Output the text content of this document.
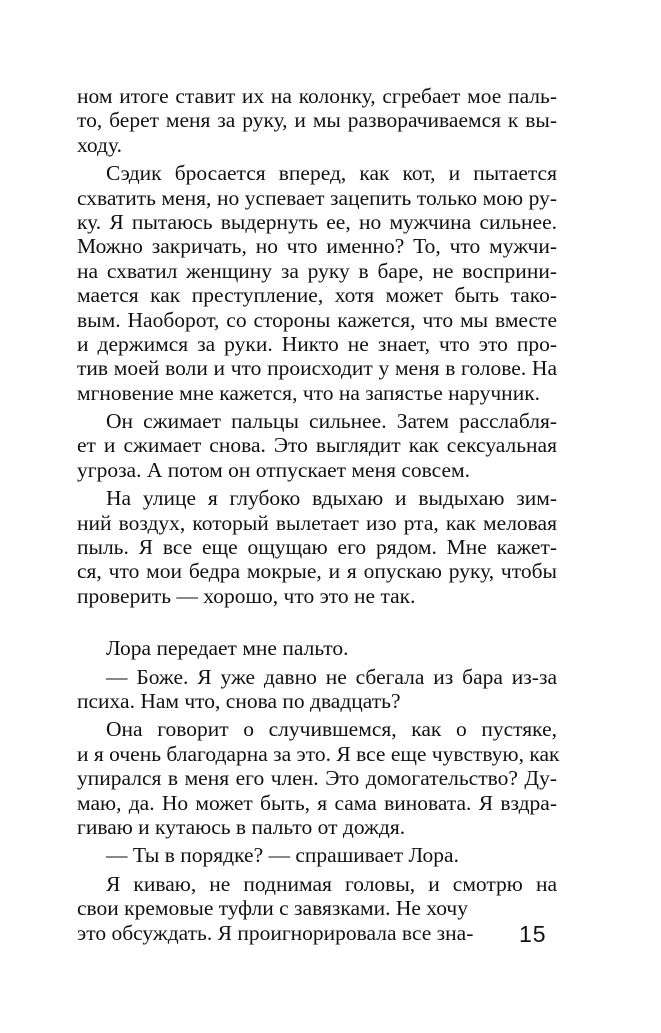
ном итоге ставит их на колонку, сгребает мое паль-
то, берет меня за руку, и мы разворачиваемся к вы-
ходу.
Сэдик бросается вперед, как кот, и пытается
схватить меня, но успевает зацепить только мою ру-
ку. Я пытаюсь выдернуть ее, но мужчина сильнее.
Можно закричать, но что именно? То, что мужчи-
на схватил женщину за руку в баре, не восприни-
мается как преступление, хотя может быть тако-
вым. Наоборот, со стороны кажется, что мы вместе
и держимся за руки. Никто не знает, что это про-
тив моей воли и что происходит у меня в голове. На
мгновение мне кажется, что на запястье наручник.
Он сжимает пальцы сильнее. Затем расслабля-
ет и сжимает снова. Это выглядит как сексуальная
угроза. А потом он отпускает меня совсем.
На улице я глубоко вдыхаю и выдыхаю зим-
ний воздух, который вылетает изо рта, как меловая
пыль. Я все еще ощущаю его рядом. Мне кажет-
ся, что мои бедра мокрые, и я опускаю руку, чтобы
проверить — хорошо, что это не так.
Лора передает мне пальто.
— Боже. Я уже давно не сбегала из бара из-за
психа. Нам что, снова по двадцать?
Она говорит о случившемся, как о пустяке,
и я очень благодарна за это. Я все еще чувствую, как
упирался в меня его член. Это домогательство? Ду-
маю, да. Но может быть, я сама виновата. Я вздра-
гиваю и кутаюсь в пальто от дождя.
— Ты в порядке? — спрашивает Лора.
Я киваю, не поднимая головы, и смотрю на
свои кремовые туфли с завязками. Не хочу
это обсуждать. Я проигнорировала все зна-	15
